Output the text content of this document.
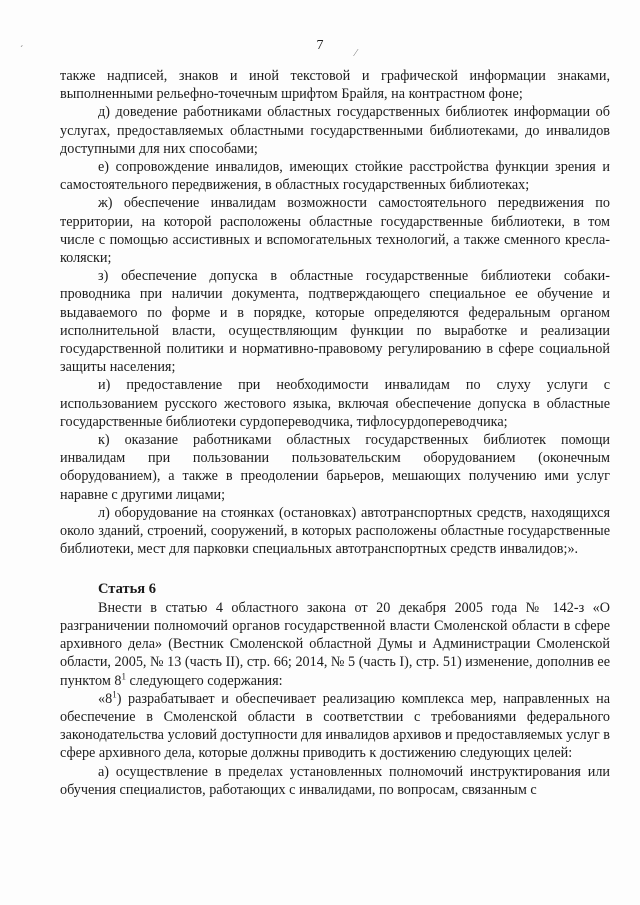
7
ˊ	⁄

также надписей, знаков и иной текстовой и графической информации знаками, выполненными рельефно-точечным шрифтом Брайля, на контрастном фоне;

д) доведение работниками областных государственных библиотек информации об услугах, предоставляемых областными государственными библиотеками, до инвалидов доступными для них способами;

е) сопровождение инвалидов, имеющих стойкие расстройства функции зрения и самостоятельного передвижения, в областных государственных библиотеках;

ж) обеспечение инвалидам возможности самостоятельного передвижения по территории, на которой расположены областные государственные библиотеки, в том числе с помощью ассистивных и вспомогательных технологий, а также сменного кресла-коляски;

з) обеспечение допуска в областные государственные библиотеки собаки-проводника при наличии документа, подтверждающего специальное ее обучение и выдаваемого по форме и в порядке, которые определяются федеральным органом исполнительной власти, осуществляющим функции по выработке и реализации государственной политики и нормативно-правовому регулированию в сфере социальной защиты населения;

и) предоставление при необходимости инвалидам по слуху услуги с использованием русского жестового языка, включая обеспечение допуска в областные государственные библиотеки сурдопереводчика, тифлосурдопереводчика;

к) оказание работниками областных государственных библиотек помощи инвалидам при пользовании пользовательским оборудованием (оконечным оборудованием), а также в преодолении барьеров, мешающих получению ими услуг наравне с другими лицами;

л) оборудование на стоянках (остановках) автотранспортных средств, находящихся около зданий, строений, сооружений, в которых расположены областные государственные библиотеки, мест для парковки специальных автотранспортных средств инвалидов;».

Статья 6

Внести в статью 4 областного закона от 20 декабря 2005 года № 142-з «О разграничении полномочий органов государственной власти Смоленской области в сфере архивного дела» (Вестник Смоленской областной Думы и Администрации Смоленской области, 2005, № 13 (часть II), стр. 66; 2014, № 5 (часть I), стр. 51) изменение, дополнив ее пунктом $8^1$ следующего содержания:

«$8^1$) разрабатывает и обеспечивает реализацию комплекса мер, направленных на обеспечение в Смоленской области в соответствии с требованиями федерального законодательства условий доступности для инвалидов архивов и предоставляемых услуг в сфере архивного дела, которые должны приводить к достижению следующих целей:

а) осуществление в пределах установленных полномочий инструктирования или обучения специалистов, работающих с инвалидами, по вопросам, связанным с
